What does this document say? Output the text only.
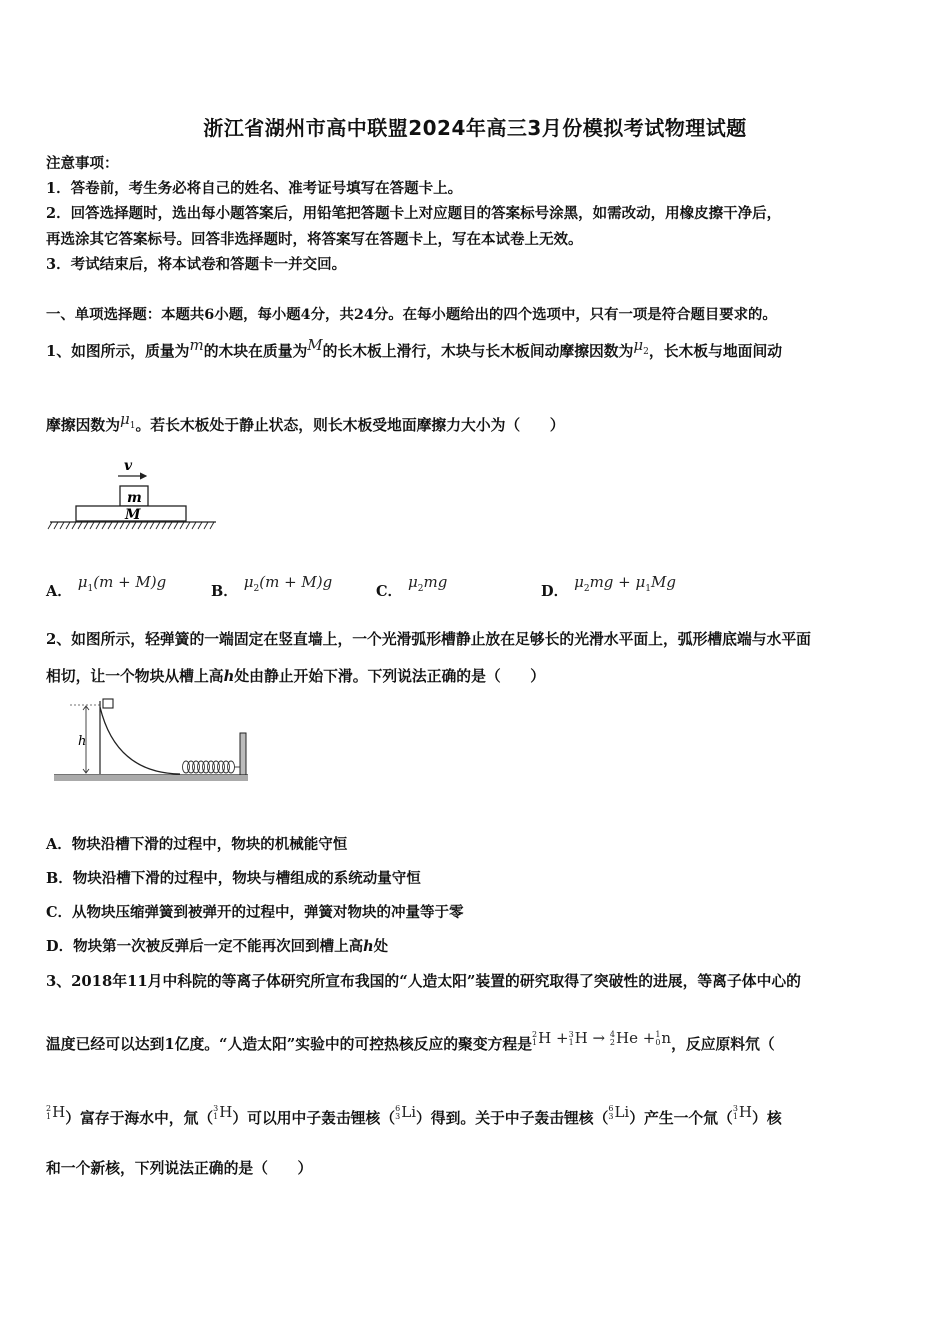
浙江省湖州市高中联盟2024年高三3月份模拟考试物理试题
注意事项：
1．答卷前，考生务必将自己的姓名、准考证号填写在答题卡上。
2．回答选择题时，选出每小题答案后，用铅笔把答题卡上对应题目的答案标号涂黑，如需改动，用橡皮擦干净后，
再选涂其它答案标号。回答非选择题时，将答案写在答题卡上，写在本试卷上无效。
3．考试结束后，将本试卷和答题卡一并交回。
一、单项选择题：本题共6小题，每小题4分，共24分。在每小题给出的四个选项中，只有一项是符合题目要求的。
1、如图所示，质量为m的木块在质量为M的长木板上滑行，木块与长木板间动摩擦因数为$\mu_2$，长木板与地面间动
摩擦因数为$\mu_1$。若长木板处于静止状态，则长木板受地面摩擦力大小为（　　）
v
m
M
A．$\mu_1(m + M)g$
B．$\mu_2(m + M)g$
C．$\mu_2mg$
D．$\mu_2mg + \mu_1Mg$
2、如图所示，轻弹簧的一端固定在竖直墙上，一个光滑弧形槽静止放在足够长的光滑水平面上，弧形槽底端与水平面
相切，让一个物块从槽上高h处由静止开始下滑。下列说法正确的是（　　）
h
A．物块沿槽下滑的过程中，物块的机械能守恒
B．物块沿槽下滑的过程中，物块与槽组成的系统动量守恒
C．从物块压缩弹簧到被弹开的过程中，弹簧对物块的冲量等于零
D．物块第一次被反弹后一定不能再次回到槽上高h处
3、2018年11月中科院的等离子体研究所宣布我国的“人造太阳”装置的研究取得了突破性的进展，等离子体中心的
温度已经可以达到1亿度。“人造太阳”实验中的可控热核反应的聚变方程是2
1H +3
1H → 4
2He +1
0n，反应原料氘（
2
1H）富存于海水中，氚（3
1H）可以用中子轰击锂核（6
3Li）得到。关于中子轰击锂核（6
3Li）产生一个氚（3
1H）核
和一个新核，下列说法正确的是（　　）
